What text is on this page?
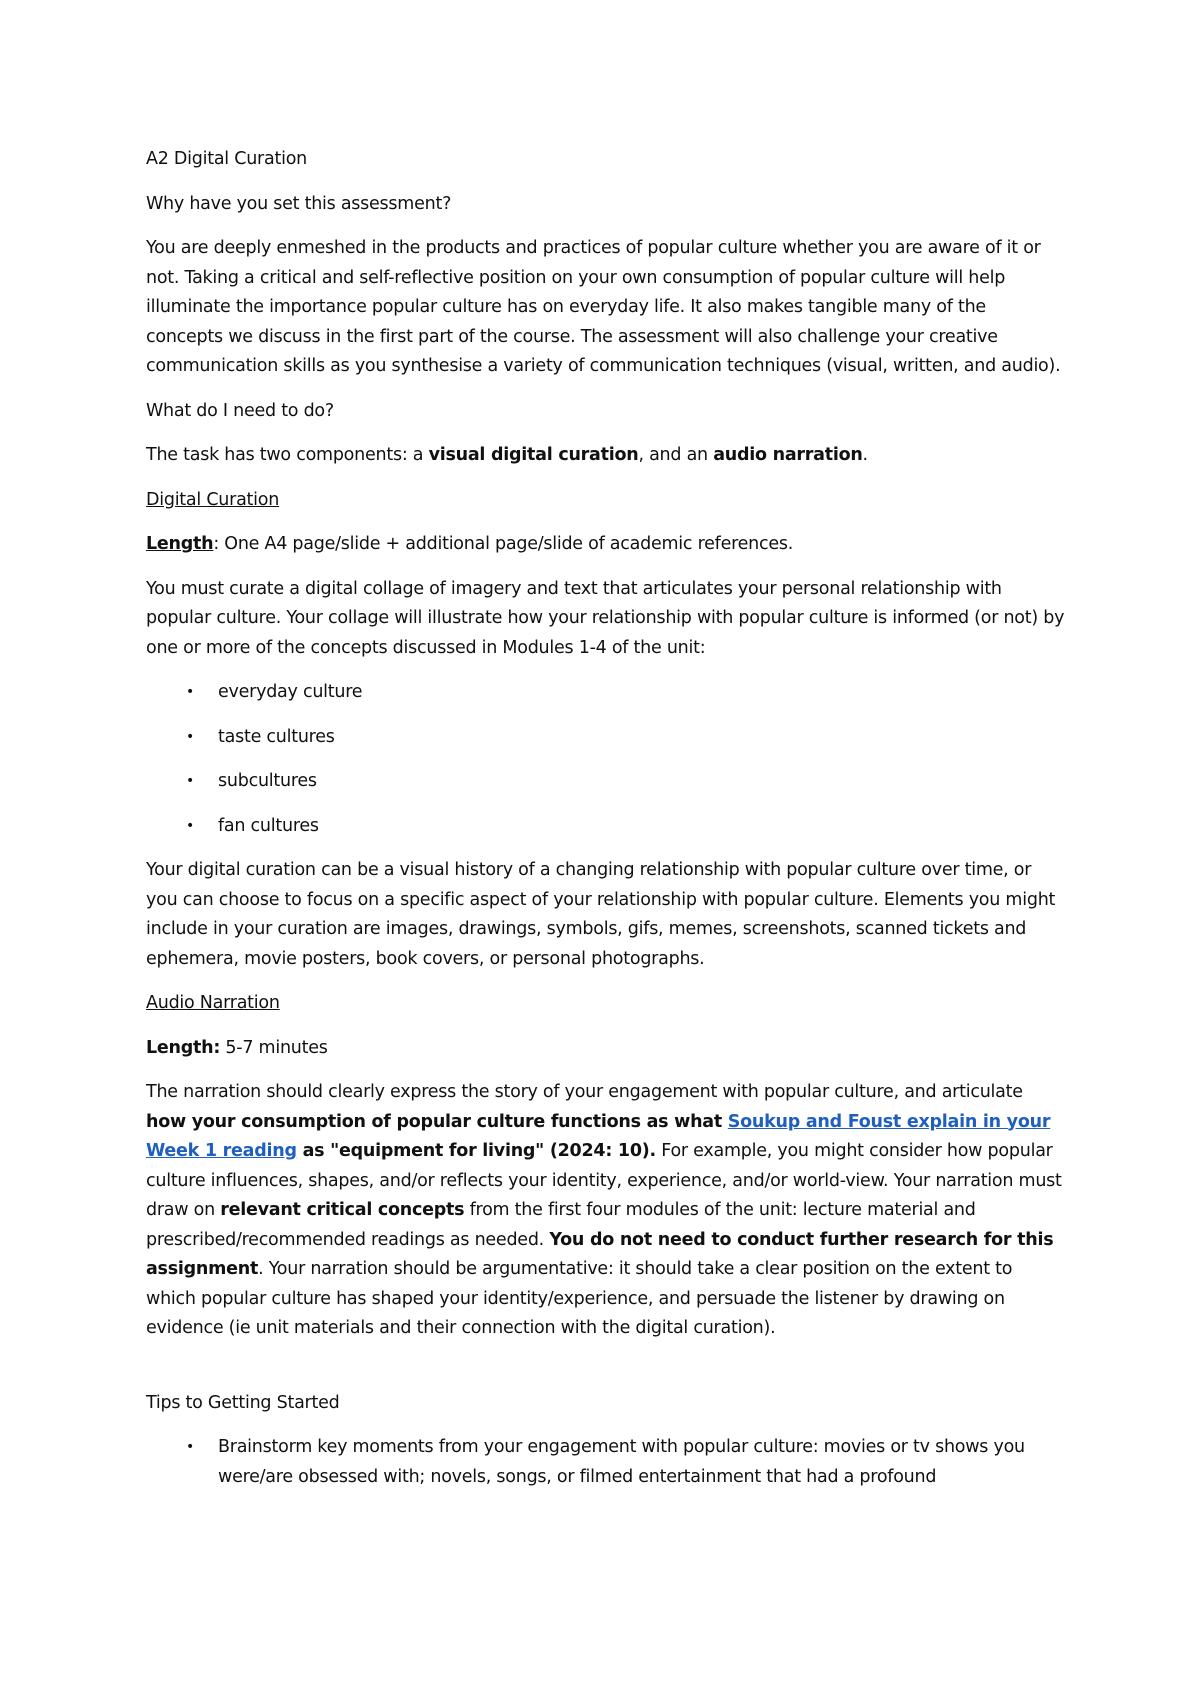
A2 Digital Curation

Why have you set this assessment?

You are deeply enmeshed in the products and practices of popular culture whether you are aware of it or not. Taking a critical and self-reflective position on your own consumption of popular culture will help illuminate the importance popular culture has on everyday life. It also makes tangible many of the concepts we discuss in the first part of the course. The assessment will also challenge your creative communication skills as you synthesise a variety of communication techniques (visual, written, and audio).

What do I need to do?

The task has two components: a visual digital curation, and an audio narration.

Digital Curation

Length: One A4 page/slide + additional page/slide of academic references.

You must curate a digital collage of imagery and text that articulates your personal relationship with popular culture. Your collage will illustrate how your relationship with popular culture is informed (or not) by one or more of the concepts discussed in Modules 1-4 of the unit:

• everyday culture
• taste cultures
• subcultures
• fan cultures

Your digital curation can be a visual history of a changing relationship with popular culture over time, or you can choose to focus on a specific aspect of your relationship with popular culture. Elements you might include in your curation are images, drawings, symbols, gifs, memes, screenshots, scanned tickets and ephemera, movie posters, book covers, or personal photographs.

Audio Narration

Length: 5-7 minutes

The narration should clearly express the story of your engagement with popular culture, and articulate how your consumption of popular culture functions as what Soukup and Foust explain in your Week 1 reading as "equipment for living" (2024: 10). For example, you might consider how popular culture influences, shapes, and/or reflects your identity, experience, and/or world-view. Your narration must draw on relevant critical concepts from the first four modules of the unit: lecture material and prescribed/recommended readings as needed. You do not need to conduct further research for this assignment. Your narration should be argumentative: it should take a clear position on the extent to which popular culture has shaped your identity/experience, and persuade the listener by drawing on evidence (ie unit materials and their connection with the digital curation).

Tips to Getting Started

• Brainstorm key moments from your engagement with popular culture: movies or tv shows you were/are obsessed with; novels, songs, or filmed entertainment that had a profound
